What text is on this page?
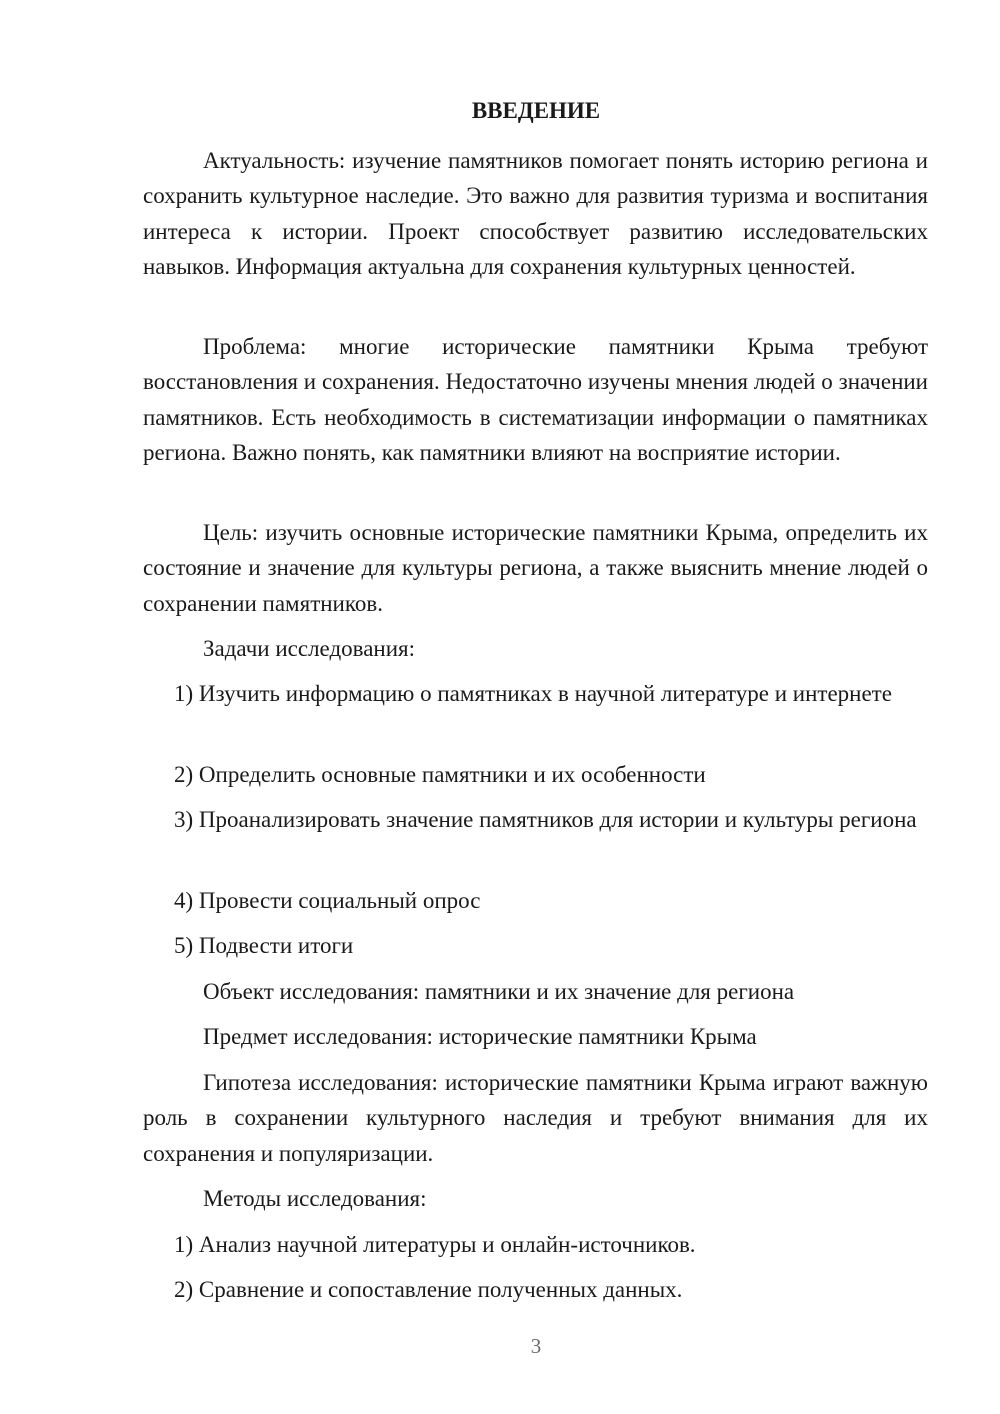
ВВЕДЕНИЕ

Актуальность: изучение памятников помогает понять историю региона и сохранить культурное наследие. Это важно для развития туризма и воспитания интереса к истории. Проект способствует развитию исследовательских навыков. Информация актуальна для сохранения культурных ценностей.

Проблема: многие исторические памятники Крыма требуют восстановления и сохранения. Недостаточно изучены мнения людей о значении памятников. Есть необходимость в систематизации информации о памятниках региона. Важно понять, как памятники влияют на восприятие истории.

Цель: изучить основные исторические памятники Крыма, определить их состояние и значение для культуры региона, а также выяснить мнение людей о сохранении памятников.

Задачи исследования:

1) Изучить информацию о памятниках в научной литературе и интернете

2) Определить основные памятники и их особенности

3) Проанализировать значение памятников для истории и культуры региона

4) Провести социальный опрос

5) Подвести итоги

Объект исследования: памятники и их значение для региона

Предмет исследования: исторические памятники Крыма

Гипотеза исследования: исторические памятники Крыма играют важную роль в сохранении культурного наследия и требуют внимания для их сохранения и популяризации.

Методы исследования:

1) Анализ научной литературы и онлайн-источников.

2) Сравнение и сопоставление полученных данных.

3
